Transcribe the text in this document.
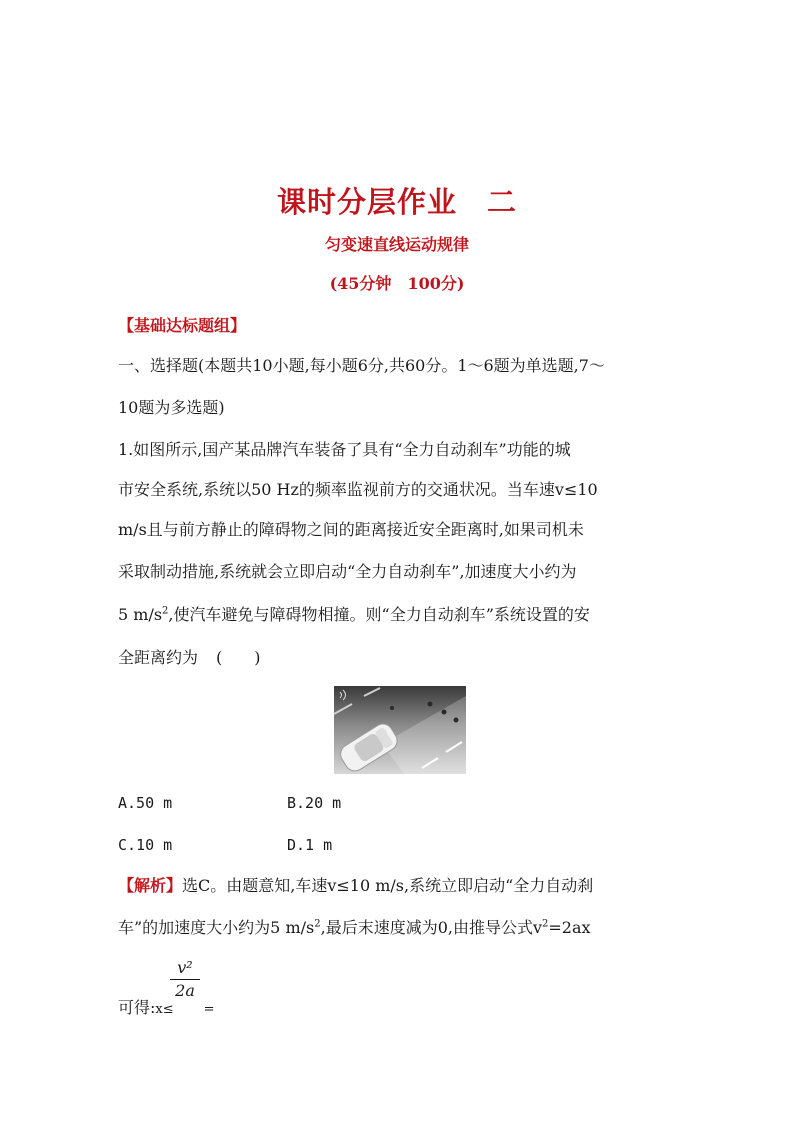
课时分层作业　二
匀变速直线运动规律
(45分钟　100分)
【基础达标题组】
一、选择题(本题共10小题,每小题6分,共60分。1～6题为单选题,7～
10题为多选题)
1.如图所示,国产某品牌汽车装备了具有“全力自动刹车”功能的城
市安全系统,系统以50 Hz的频率监视前方的交通状况。当车速v≤10
m/s且与前方静止的障碍物之间的距离接近安全距离时,如果司机未
采取制动措施,系统就会立即启动“全力自动刹车”,加速度大小约为
5 $m/s^2$,使汽车避免与障碍物相撞。则“全力自动刹车”系统设置的安
全距离约为 (　　)
A.50 m	B.20 m
C.10 m	D.1 m
【解析】选C。由题意知,车速v≤10 m/s,系统立即启动“全力自动刹
车”的加速度大小约为5 $m/s^2$,最后末速度减为0,由推导公式$v^2=2ax$
v²
2a
可得:x≤ =
